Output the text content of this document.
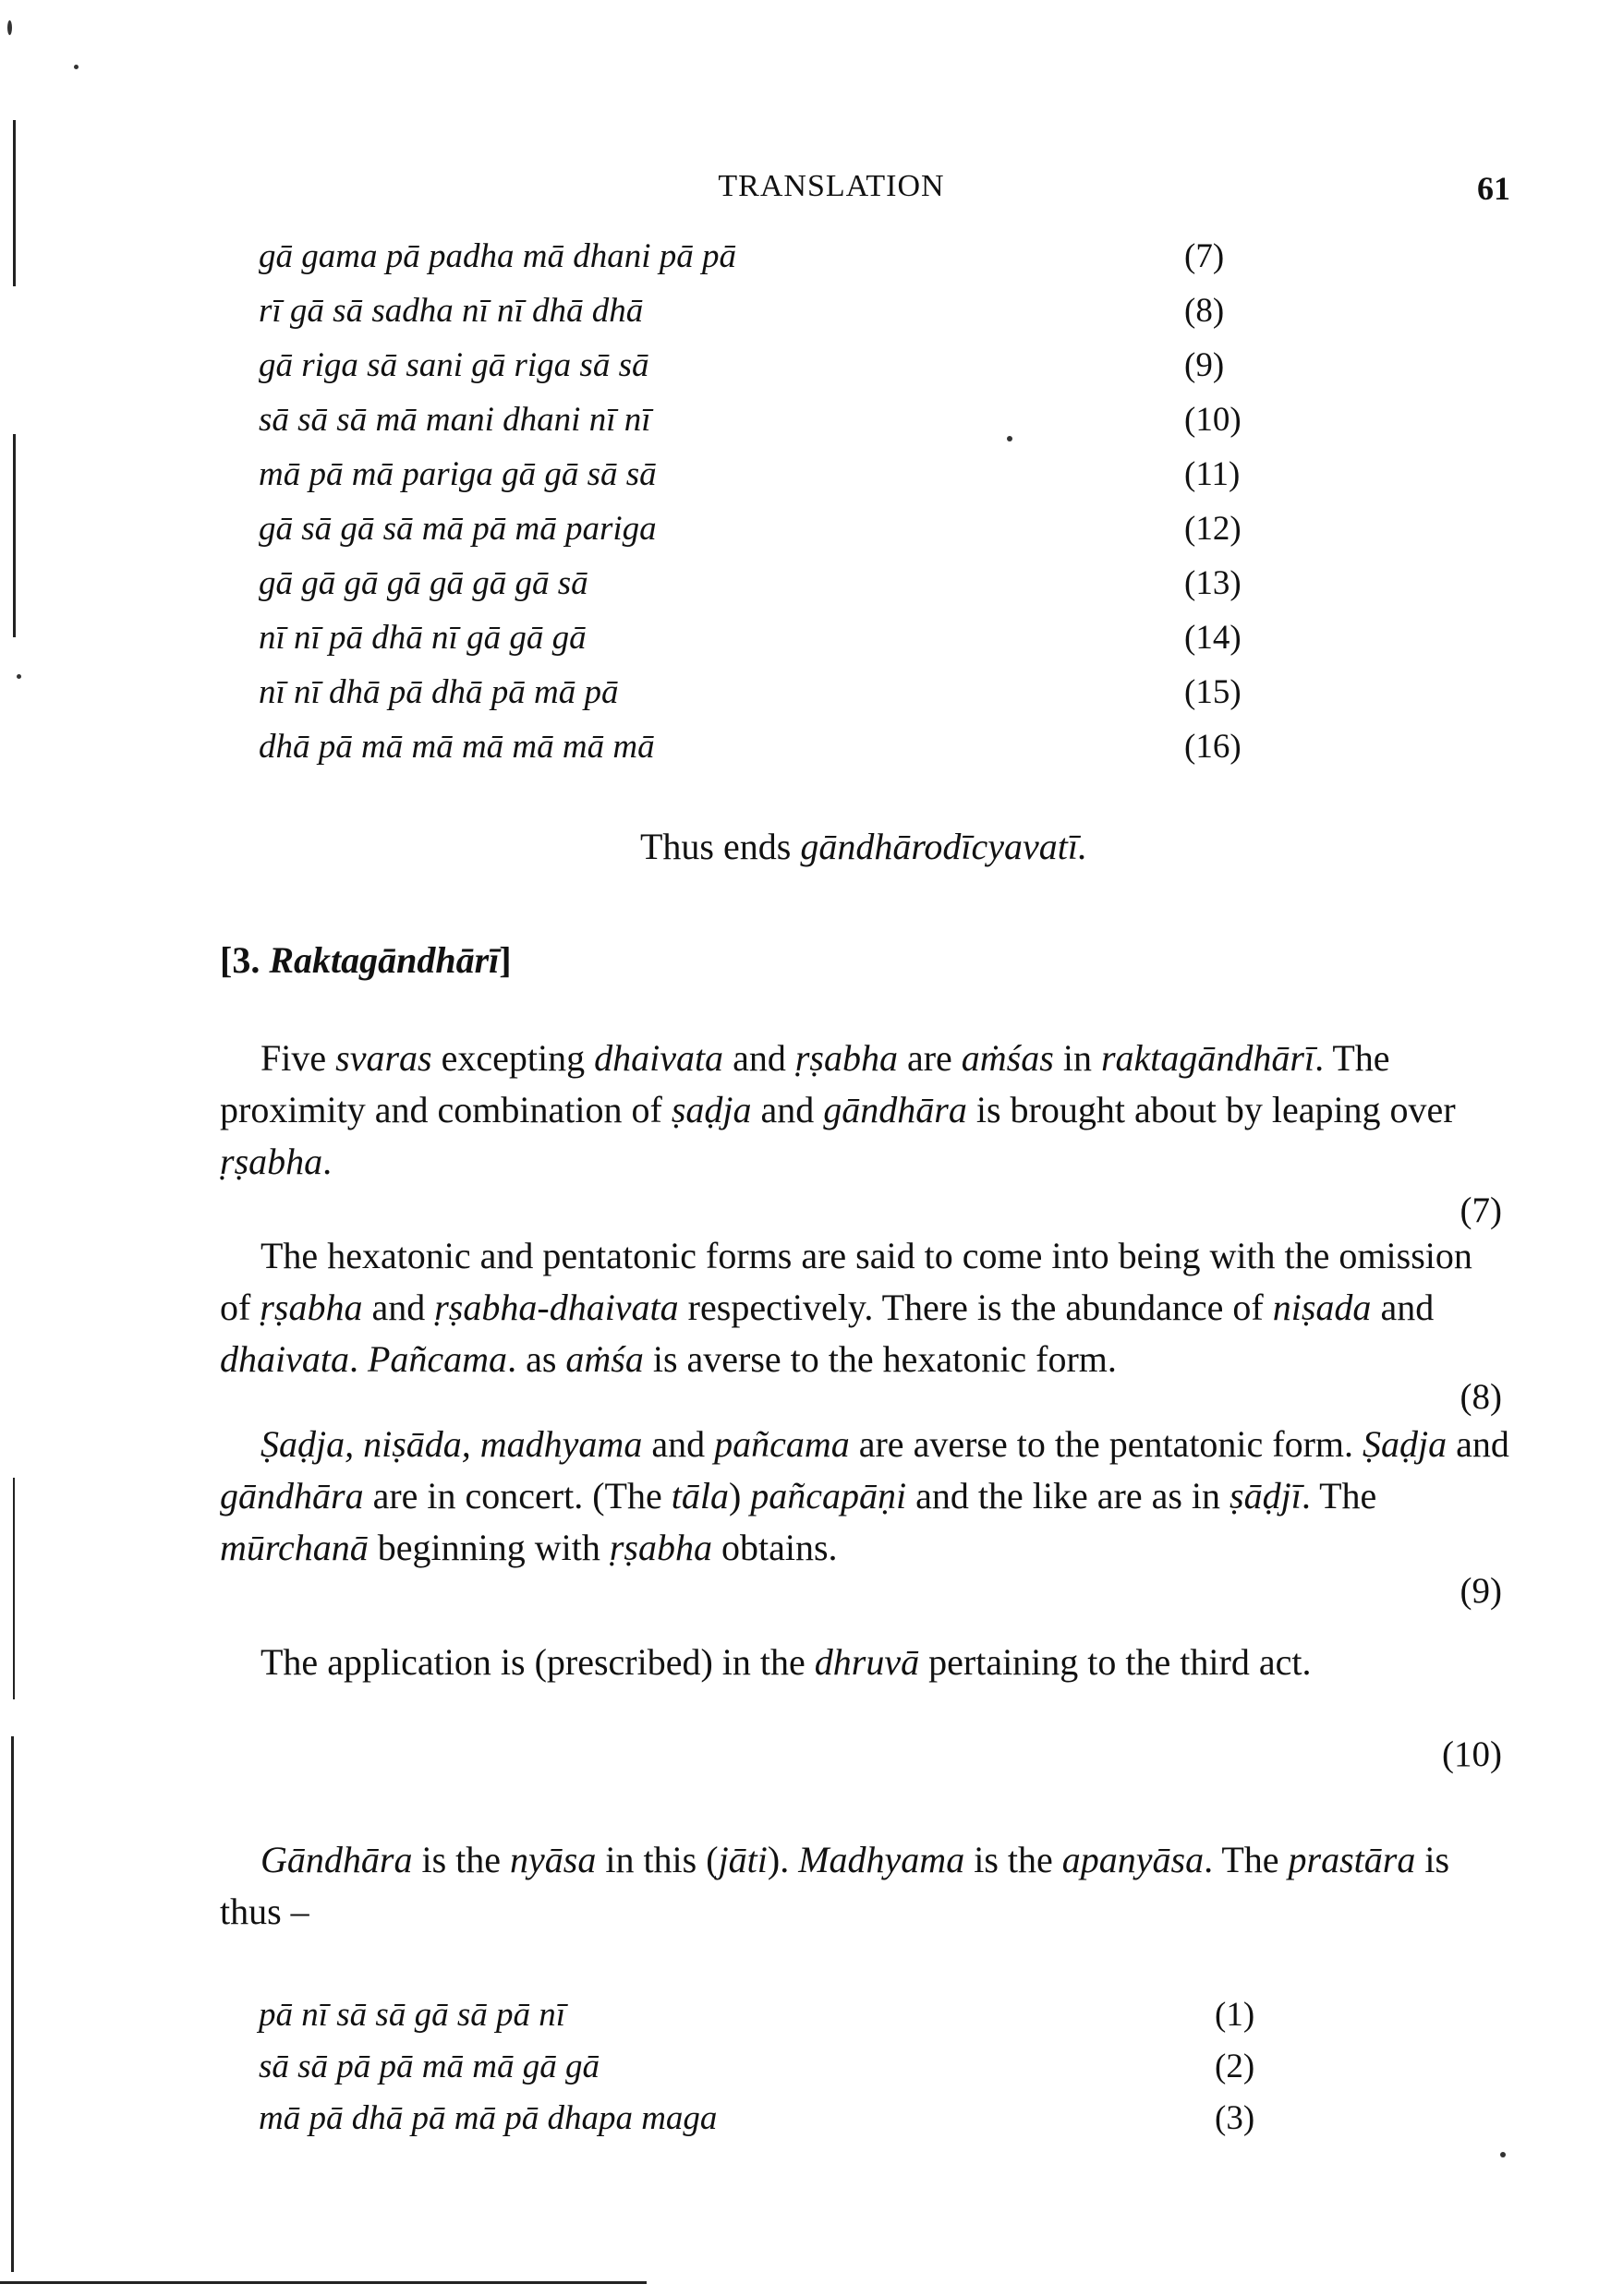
TRANSLATION	61
gā gama pā padha mā dhani pā pā	(7)
rī gā sā sadha nī nī dhā dhā	(8)
gā riga sā sani gā riga sā sā	(9)
sā sā sā mā mani dhani nī nī	(10)
mā pā mā pariga gā gā sā sā	(11)
gā sā gā sā mā pā mā pariga	(12)
gā gā gā gā gā gā gā sā	(13)
nī nī pā dhā nī gā gā gā	(14)
nī nī dhā pā dhā pā mā pā	(15)
dhā pā mā mā mā mā mā mā	(16)
Thus ends gāndhārodīcyavatī.
[3. Raktagāndhārī]
Five svaras excepting dhaivata and ṛṣabha are aṁśas in raktagāndhārī. The proximity and combination of ṣaḍja and gāndhāra is brought about by leaping over ṛṣabha.
(7)
The hexatonic and pentatonic forms are said to come into being with the omission of ṛṣabha and ṛṣabha-dhaivata respectively. There is the abundance of niṣada and dhaivata. Pañcama. as aṁśa is averse to the hexatonic form.
(8)
Ṣaḍja, niṣāda, madhyama and pañcama are averse to the pentatonic form. Ṣaḍja and gāndhāra are in concert. (The tāla) pañcapāṇi and the like are as in ṣāḍjī. The mūrchanā beginning with ṛṣabha obtains.
(9)
The application is (prescribed) in the dhruvā pertaining to the third act.
(10)
Gāndhāra is the nyāsa in this (jāti). Madhyama is the apanyāsa. The prastāra is thus –
pā nī sā sā gā sā pā nī	(1)
sā sā pā pā mā mā gā gā	(2)
mā pā dhā pā mā pā dhapa maga	(3)
